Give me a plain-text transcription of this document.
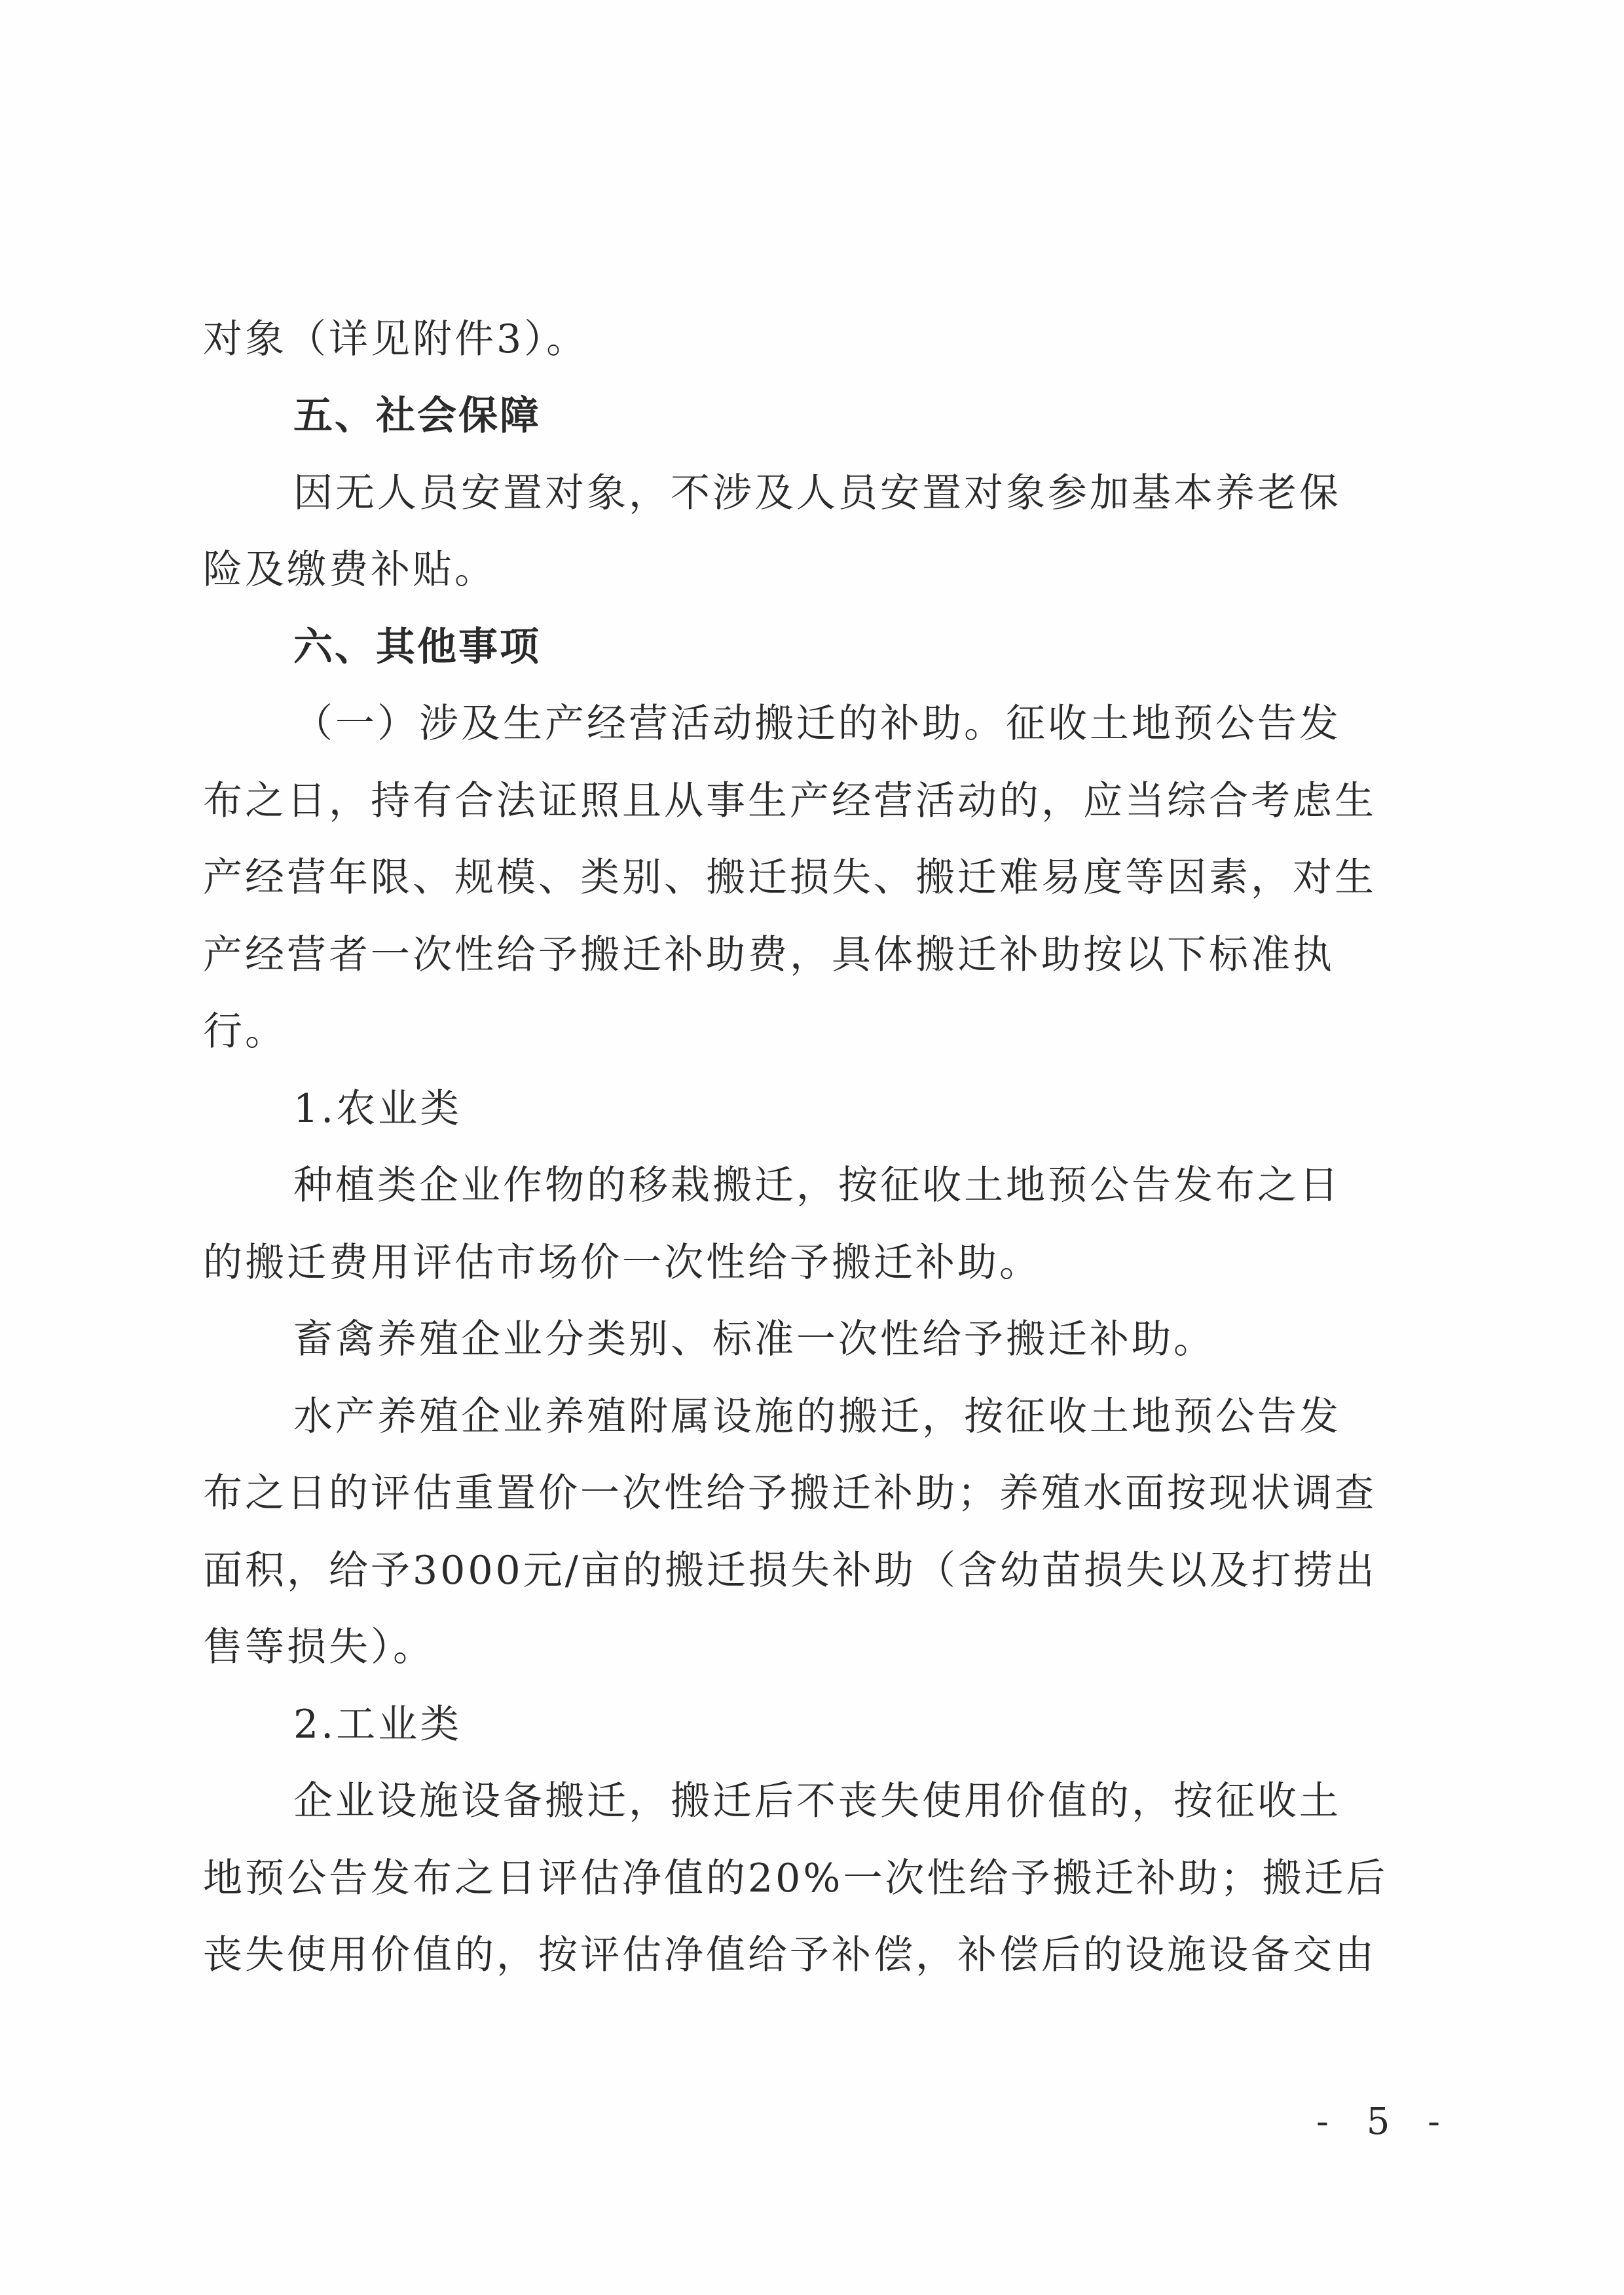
对象（详见附件3）。

五、社会保障

因无人员安置对象，不涉及人员安置对象参加基本养老保

险及缴费补贴。

六、其他事项

（一）涉及生产经营活动搬迁的补助。征收土地预公告发

布之日，持有合法证照且从事生产经营活动的，应当综合考虑生

产经营年限、规模、类别、搬迁损失、搬迁难易度等因素，对生

产经营者一次性给予搬迁补助费，具体搬迁补助按以下标准执

行。

1.农业类

种植类企业作物的移栽搬迁，按征收土地预公告发布之日

的搬迁费用评估市场价一次性给予搬迁补助。

畜禽养殖企业分类别、标准一次性给予搬迁补助。

水产养殖企业养殖附属设施的搬迁，按征收土地预公告发

布之日的评估重置价一次性给予搬迁补助；养殖水面按现状调查

面积，给予3000元/亩的搬迁损失补助（含幼苗损失以及打捞出

售等损失）。

2.工业类

企业设施设备搬迁，搬迁后不丧失使用价值的，按征收土

地预公告发布之日评估净值的20%一次性给予搬迁补助；搬迁后

丧失使用价值的，按评估净值给予补偿，补偿后的设施设备交由

- 5 -
